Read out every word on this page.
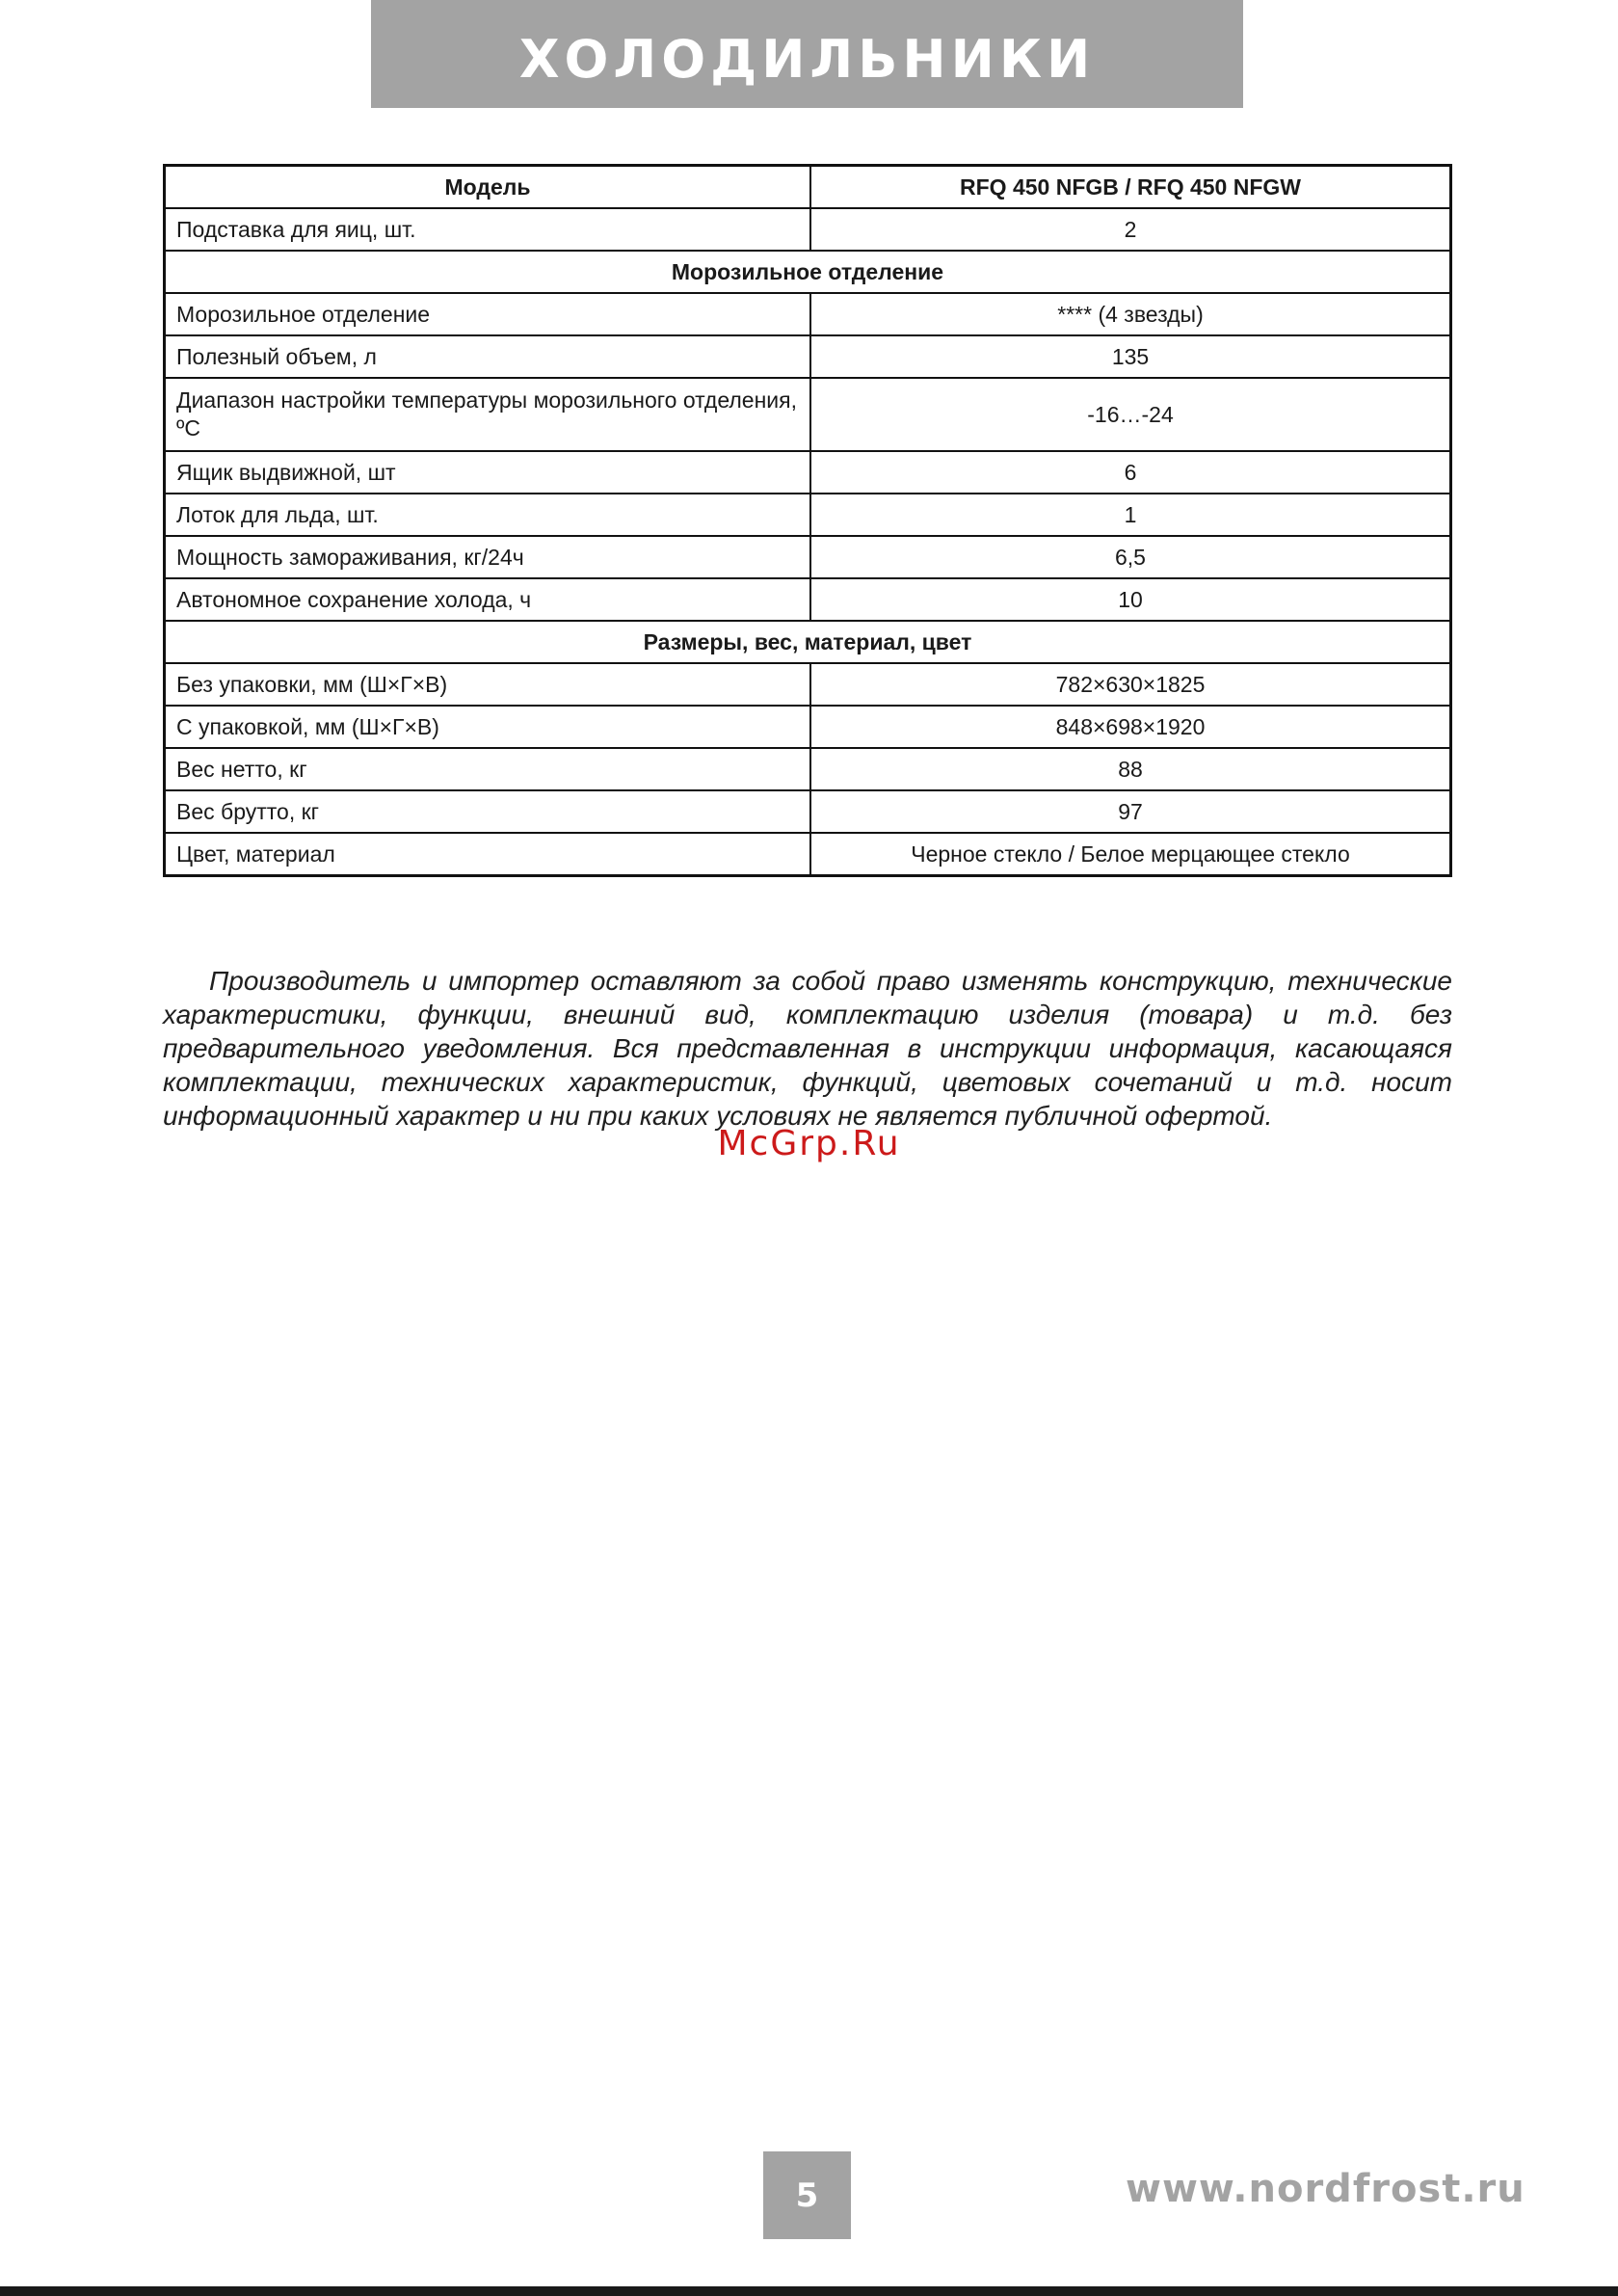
ХОЛОДИЛЬНИКИ
Модель	RFQ 450 NFGB / RFQ 450 NFGW
Подставка для яиц, шт.	2
Морозильное отделение	
Морозильное отделение	**** (4 звезды)
Полезный объем, л	135
Диапазон настройки температуры морозильного отделения, ºС	-16…-24
Ящик выдвижной, шт	6
Лоток для льда, шт.	1
Мощность замораживания, кг/24ч	6,5
Автономное сохранение холода, ч	10
Размеры, вес, материал, цвет	
Без упаковки, мм (Ш×Г×В)	782×630×1825
С упаковкой, мм (Ш×Г×В)	848×698×1920
Вес нетто, кг	88
Вес брутто, кг	97
Цвет, материал	Черное стекло / Белое мерцающее стекло

Производитель и импортер оставляют за собой право изменять конструкцию, технические характеристики, функции, внешний вид, комплектацию изделия (товара) и т.д. без предварительного уведомления. Вся представленная в инструкции информация, касающаяся комплектации, технических характеристик, функций, цветовых сочетаний и т.д. носит информационный характер и ни при каких условиях не является публичной офертой.

McGrp.Ru
5	www.nordfrost.ru
